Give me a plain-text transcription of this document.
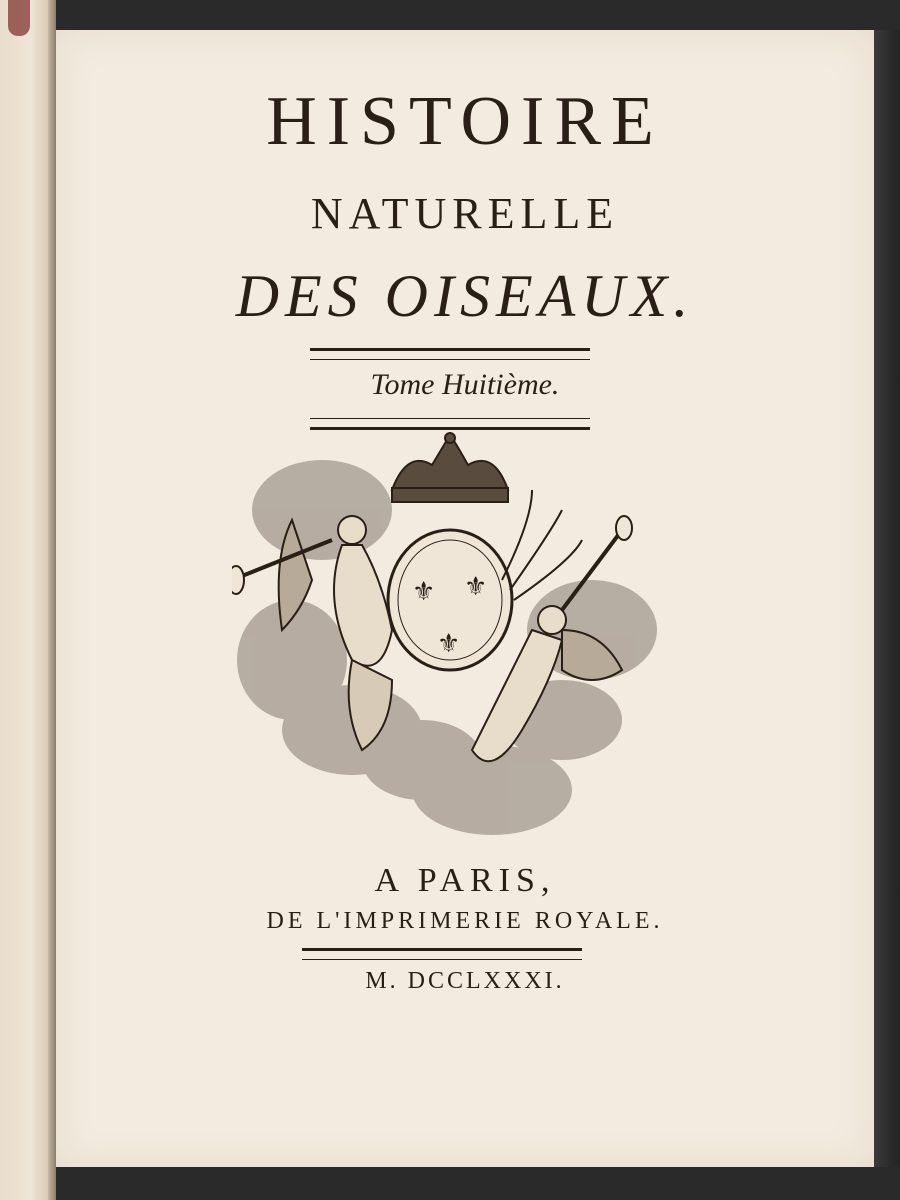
HISTOIRE
NATURELLE
DES OISEAUX.
Tome Huitième.
⚜ ⚜
⚜
A PARIS,
DE L'IMPRIMERIE ROYALE.
M. DCCLXXXI.
